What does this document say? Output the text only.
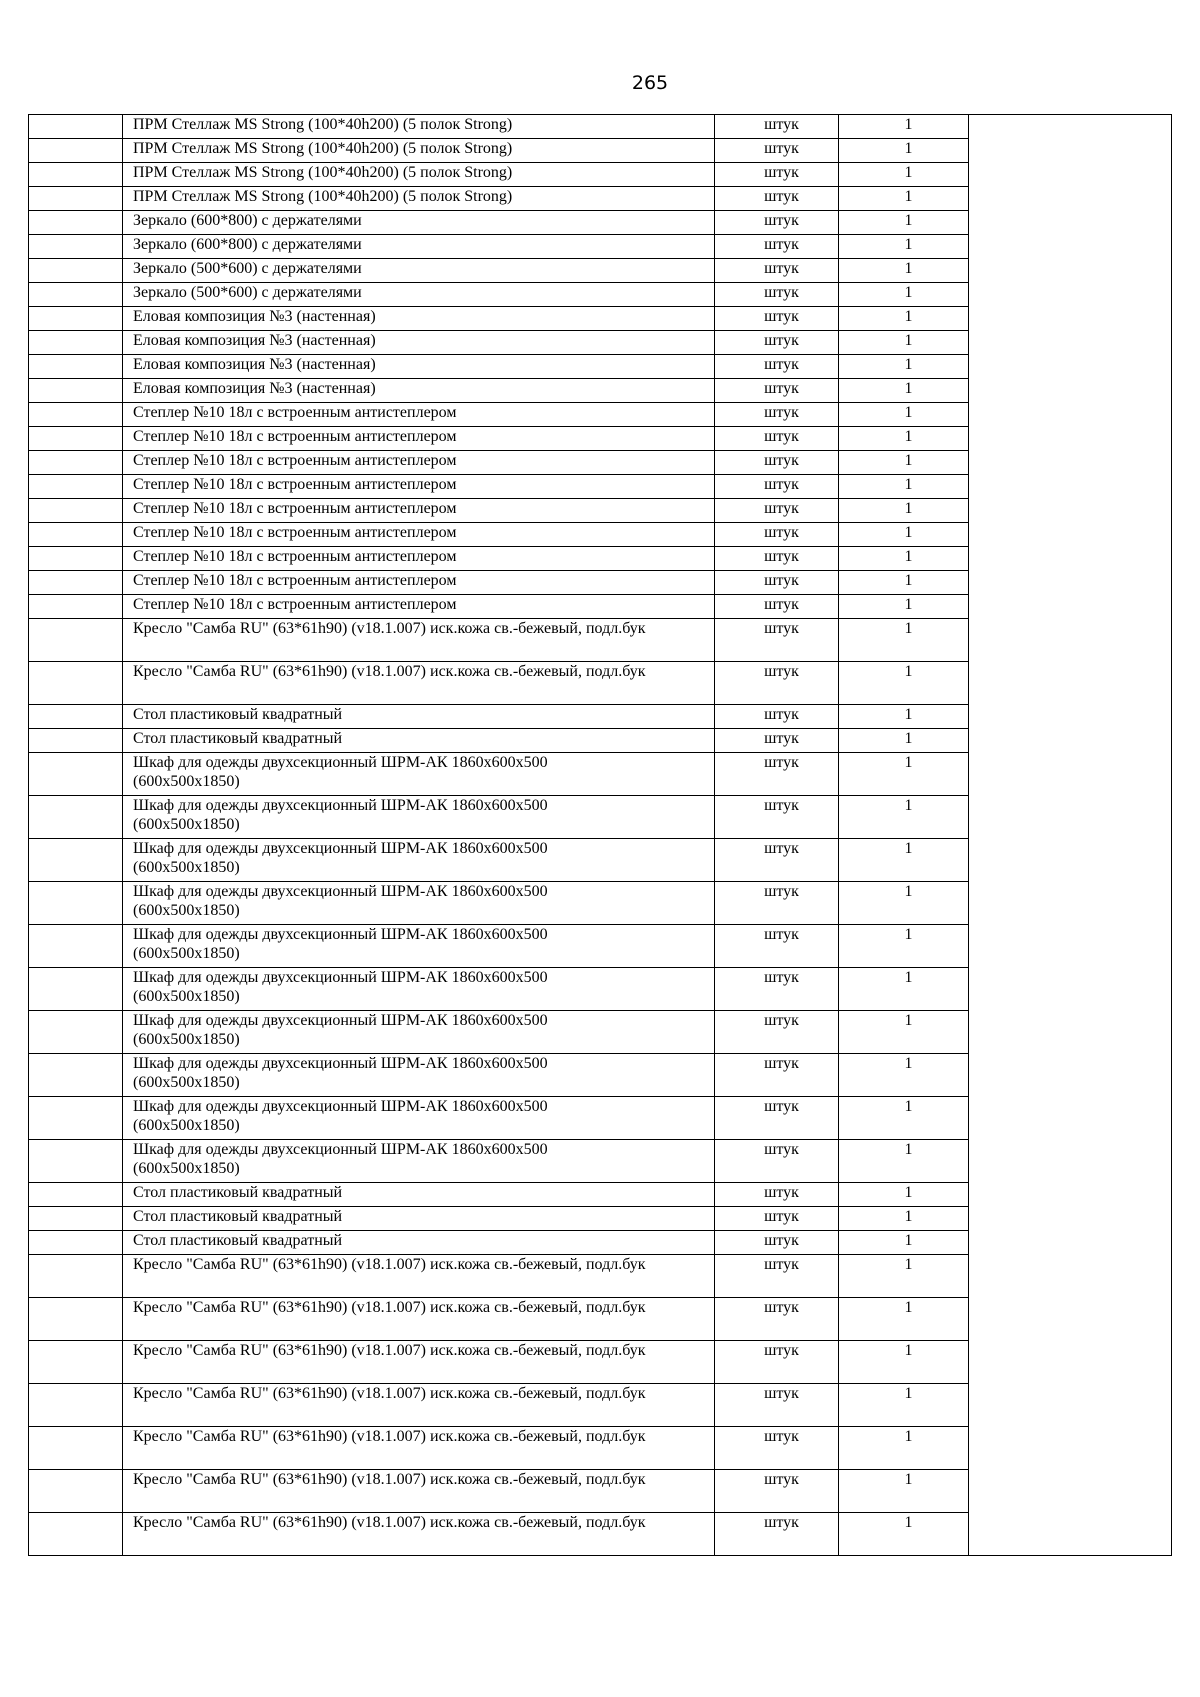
265

	ПРМ Стеллаж MS Strong (100*40h200) (5 полок Strong)	штук	1	

	ПРМ Стеллаж MS Strong (100*40h200) (5 полок Strong)	штук	1	

	ПРМ Стеллаж MS Strong (100*40h200) (5 полок Strong)	штук	1	

	ПРМ Стеллаж MS Strong (100*40h200) (5 полок Strong)	штук	1	

	Зеркало (600*800) с держателями	штук	1	

	Зеркало (600*800) с держателями	штук	1	

	Зеркало (500*600) с держателями	штук	1	

	Зеркало (500*600) с держателями	штук	1	

	Еловая композиция №3 (настенная)	штук	1	

	Еловая композиция №3 (настенная)	штук	1	

	Еловая композиция №3 (настенная)	штук	1	

	Еловая композиция №3 (настенная)	штук	1	

	Степлер №10 18л с встроенным антистеплером	штук	1	

	Степлер №10 18л с встроенным антистеплером	штук	1	

	Степлер №10 18л с встроенным антистеплером	штук	1	

	Степлер №10 18л с встроенным антистеплером	штук	1	

	Степлер №10 18л с встроенным антистеплером	штук	1	

	Степлер №10 18л с встроенным антистеплером	штук	1	

	Степлер №10 18л с встроенным антистеплером	штук	1	

	Степлер №10 18л с встроенным антистеплером	штук	1	

	Степлер №10 18л с встроенным антистеплером	штук	1	

	Кресло "Самба RU" (63*61h90) (v18.1.007) иск.кожа св.-бежевый, подл.бук	штук	1	

	Кресло "Самба RU" (63*61h90) (v18.1.007) иск.кожа св.-бежевый, подл.бук	штук	1	

	Стол пластиковый квадратный	штук	1	

	Стол пластиковый квадратный	штук	1	

	Шкаф для одежды двухсекционный ШРМ-АК 1860х600х500 (600х500х1850)	штук	1	

	Шкаф для одежды двухсекционный ШРМ-АК 1860х600х500 (600х500х1850)	штук	1	

	Шкаф для одежды двухсекционный ШРМ-АК 1860х600х500 (600х500х1850)	штук	1	

	Шкаф для одежды двухсекционный ШРМ-АК 1860х600х500 (600х500х1850)	штук	1	

	Шкаф для одежды двухсекционный ШРМ-АК 1860х600х500 (600х500х1850)	штук	1	

	Шкаф для одежды двухсекционный ШРМ-АК 1860х600х500 (600х500х1850)	штук	1	

	Шкаф для одежды двухсекционный ШРМ-АК 1860х600х500 (600х500х1850)	штук	1	

	Шкаф для одежды двухсекционный ШРМ-АК 1860х600х500 (600х500х1850)	штук	1	

	Шкаф для одежды двухсекционный ШРМ-АК 1860х600х500 (600х500х1850)	штук	1	

	Шкаф для одежды двухсекционный ШРМ-АК 1860х600х500 (600х500х1850)	штук	1	

	Стол пластиковый квадратный	штук	1	

	Стол пластиковый квадратный	штук	1	

	Стол пластиковый квадратный	штук	1	

	Кресло "Самба RU" (63*61h90) (v18.1.007) иск.кожа св.-бежевый, подл.бук	штук	1	

	Кресло "Самба RU" (63*61h90) (v18.1.007) иск.кожа св.-бежевый, подл.бук	штук	1	

	Кресло "Самба RU" (63*61h90) (v18.1.007) иск.кожа св.-бежевый, подл.бук	штук	1	

	Кресло "Самба RU" (63*61h90) (v18.1.007) иск.кожа св.-бежевый, подл.бук	штук	1	

	Кресло "Самба RU" (63*61h90) (v18.1.007) иск.кожа св.-бежевый, подл.бук	штук	1	

	Кресло "Самба RU" (63*61h90) (v18.1.007) иск.кожа св.-бежевый, подл.бук	штук	1	

	Кресло "Самба RU" (63*61h90) (v18.1.007) иск.кожа св.-бежевый, подл.бук	штук	1	
